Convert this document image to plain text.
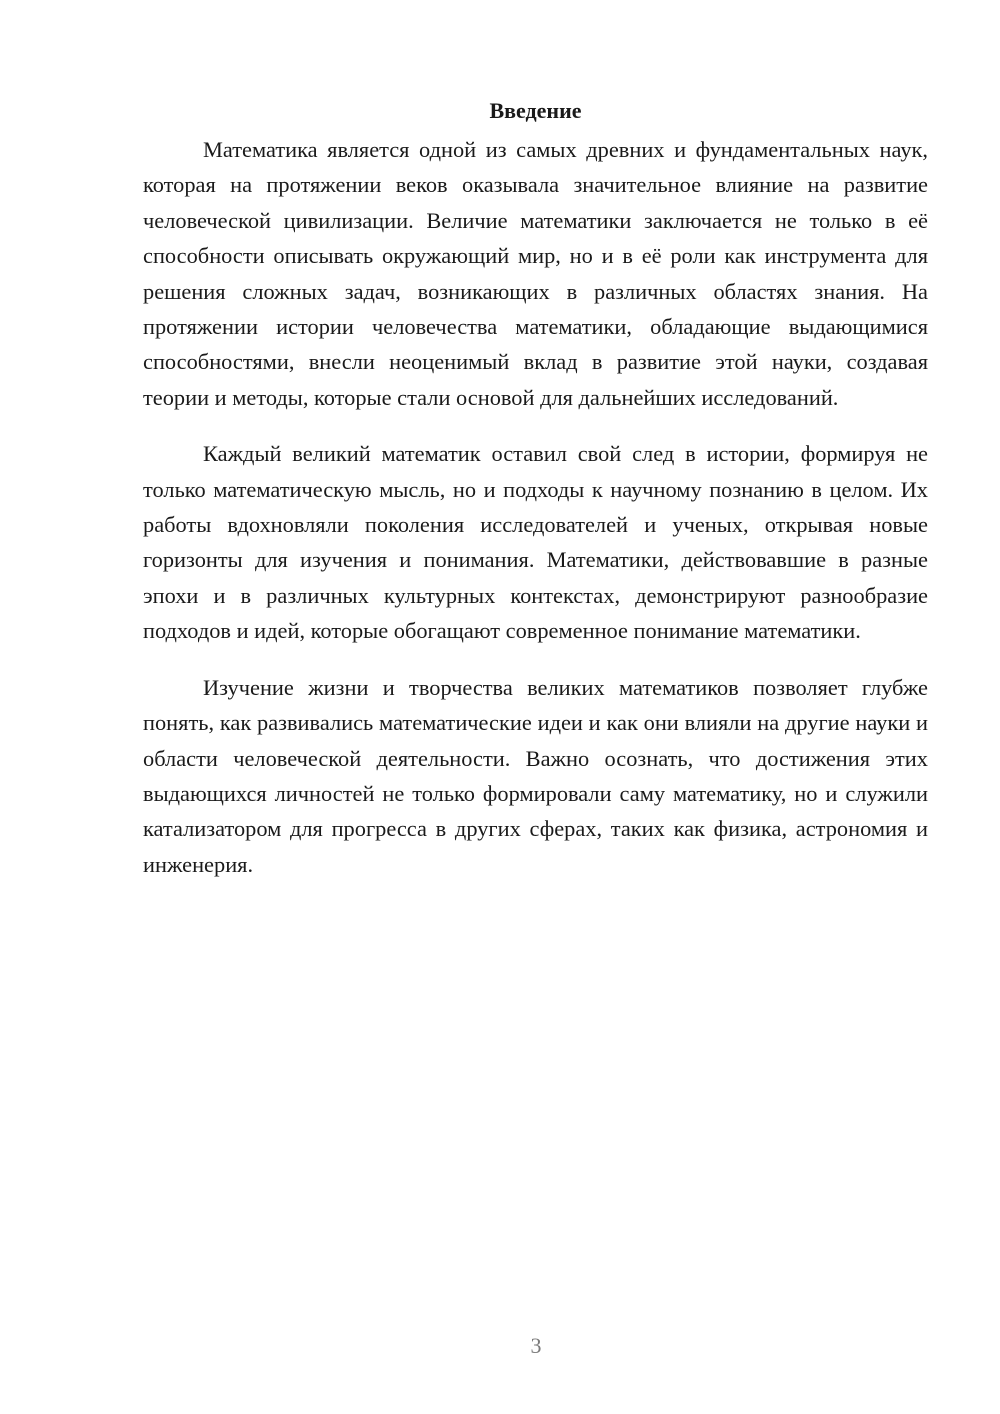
Введение

Математика является одной из самых древних и фундаментальных наук, которая на протяжении веков оказывала значительное влияние на развитие человеческой цивилизации. Величие математики заключается не только в её способности описывать окружающий мир, но и в её роли как инструмента для решения сложных задач, возникающих в различных областях знания. На протяжении истории человечества математики, обладающие выдающимися способностями, внесли неоценимый вклад в развитие этой науки, создавая теории и методы, которые стали основой для дальнейших исследований.

Каждый великий математик оставил свой след в истории, формируя не только математическую мысль, но и подходы к научному познанию в целом. Их работы вдохновляли поколения исследователей и ученых, открывая новые горизонты для изучения и понимания. Математики, действовавшие в разные эпохи и в различных культурных контекстах, демонстрируют разнообразие подходов и идей, которые обогащают современное понимание математики.

Изучение жизни и творчества великих математиков позволяет глубже понять, как развивались математические идеи и как они влияли на другие науки и области человеческой деятельности. Важно осознать, что достижения этих выдающихся личностей не только формировали саму математику, но и служили катализатором для прогресса в других сферах, таких как физика, астрономия и инженерия.

3
